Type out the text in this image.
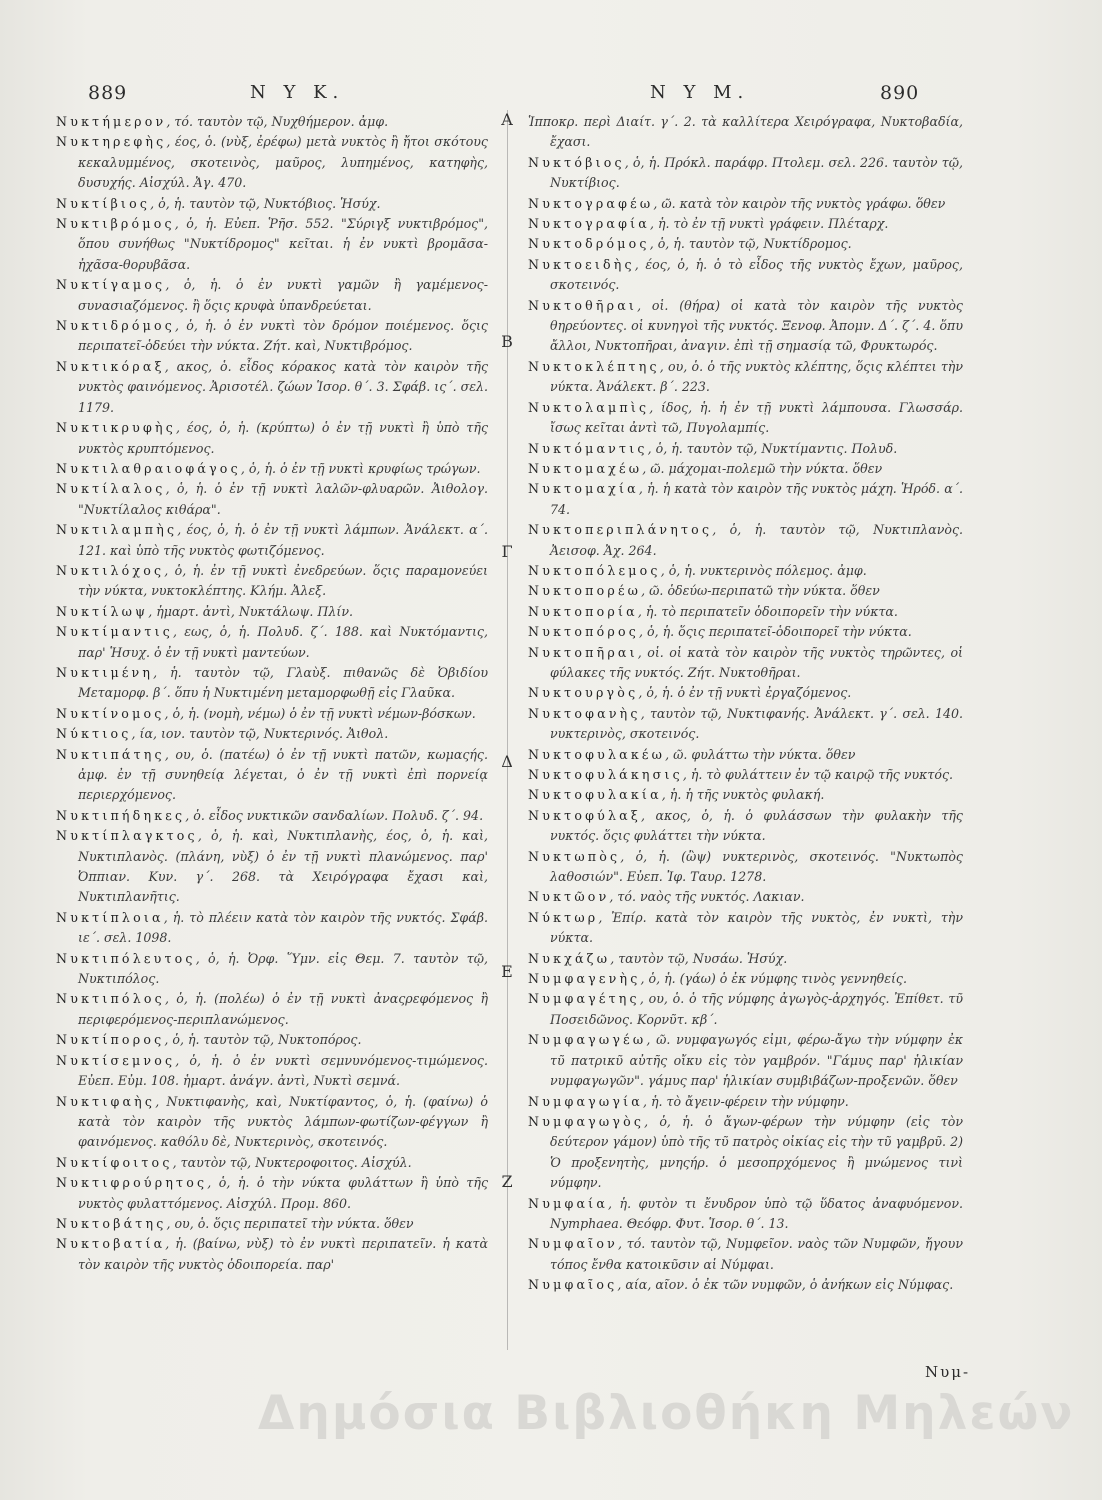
889	Ν Υ Κ.	Ν Υ Μ.	890
Α
Β
Γ
Δ
Ε
Ζ

Νυκτήμερον, τό. ταυτὸν τῷ, Νυχθήμερον. ἀμφ.

Νυκτηρεφὴς, έος, ὁ. (νὺξ, ἐρέφω) μετὰ νυκτὸς ἢ ἤτοι σκότους κεκαλυμμένος, σκοτεινὸς, μαῦρος, λυπημένος, κατηφὴς, δυσυχής. Αἰσχύλ. Ἀγ. 470.

Νυκτίβιος, ὁ, ἡ. ταυτὸν τῷ, Νυκτόβιος. Ἡσύχ.

Νυκτιβρόμος, ὁ, ἡ. Εὐεπ. Ῥῆσ. 552. "Σύριγξ νυκτιβρόμος", ὅπου συνήθως "Νυκτίδρομος" κεῖται. ἡ ἐν νυκτὶ βρομᾶσα-ἠχᾶσα-θορυβᾶσα.

Νυκτίγαμος, ὁ, ἡ. ὁ ἐν νυκτὶ γαμῶν ἢ γαμέμενος-συνασιαζόμενος. ἢ ὅςις κρυφὰ ὑπανδρεύεται.

Νυκτιδρόμος, ὁ, ἡ. ὁ ἐν νυκτὶ τὸν δρόμον ποιέμενος. ὅςις περιπατεῖ-ὁδεύει τὴν νύκτα. Ζήτ. καὶ, Νυκτιβρόμος.

Νυκτικόραξ, ακος, ὁ. εἶδος κόρακος κατὰ τὸν καιρὸν τῆς νυκτὸς φαινόμενος. Ἀρισοτέλ. ζώων Ἱσορ. θ΄. 3. Σφάβ. ις΄. σελ. 1179.

Νυκτικρυφὴς, έος, ὁ, ἡ. (κρύπτω) ὁ ἐν τῇ νυκτὶ ἢ ὑπὸ τῆς νυκτὸς κρυπτόμενος.

Νυκτιλαθραιοφάγος, ὁ, ἡ. ὁ ἐν τῇ νυκτὶ κρυφίως τρώγων.

Νυκτίλαλος, ὁ, ἡ. ὁ ἐν τῇ νυκτὶ λαλῶν-φλυαρῶν. Ἀιθολογ. "Νυκτίλαλος κιθάρα".

Νυκτιλαμπὴς, έος, ὁ, ἡ. ὁ ἐν τῇ νυκτὶ λάμπων. Ἀνάλεκτ. α΄. 121. καὶ ὑπὸ τῆς νυκτὸς φωτιζόμενος.

Νυκτιλόχος, ὁ, ἡ. ἐν τῇ νυκτὶ ἐνεδρεύων. ὅςις παραμονεύει τὴν νύκτα, νυκτοκλέπτης. Κλήμ. Ἀλεξ.

Νυκτίλωψ, ἡμαρτ. ἀντὶ, Νυκτάλωψ. Πλίν.

Νυκτίμαντις, εως, ὁ, ἡ. Πολυδ. ζ΄. 188. καὶ Νυκτόμαντις, παρ' Ἡσυχ. ὁ ἐν τῇ νυκτὶ μαντεύων.

Νυκτιμένη, ἡ. ταυτὸν τῷ, Γλαὺξ. πιθανῶς δὲ Ὀβιδίου Μεταμορφ. β΄. ὅπυ ἡ Νυκτιμένη μεταμορφωθῇ εἰς Γλαῦκα.

Νυκτίνομος, ὁ, ἡ. (νομὴ, νέμω) ὁ ἐν τῇ νυκτὶ νέμων-βόσκων.

Νύκτιος, ία, ιον. ταυτὸν τῷ, Νυκτερινός. Ἀιθολ.

Νυκτιπάτης, ου, ὁ. (πατέω) ὁ ἐν τῇ νυκτὶ πατῶν, κωμαςής. ἀμφ. ἐν τῇ συνηθείᾳ λέγεται, ὁ ἐν τῇ νυκτὶ ἐπὶ πορνείᾳ περιερχόμενος.

Νυκτιπήδηκες, ὁ. εἶδος νυκτικῶν σανδαλίων. Πολυδ. ζ΄. 94.

Νυκτίπλαγκτος, ὁ, ἡ. καὶ, Νυκτιπλανὴς, έος, ὁ, ἡ. καὶ, Νυκτιπλανὸς. (πλάνη, νὺξ) ὁ ἐν τῇ νυκτὶ πλανώμενος. παρ' Ὀππιαν. Κυν. γ΄. 268. τὰ Χειρόγραφα ἔχασι καὶ, Νυκτιπλανῆτις.

Νυκτίπλοια, ἡ. τὸ πλέειν κατὰ τὸν καιρὸν τῆς νυκτός. Σφάβ. ιε΄. σελ. 1098.

Νυκτιπόλευτος, ὁ, ἡ. Ὀρφ. Ὕμν. εἰς Θεμ. 7. ταυτὸν τῷ, Νυκτιπόλος.

Νυκτιπόλος, ὁ, ἡ. (πολέω) ὁ ἐν τῇ νυκτὶ ἀναςρεφόμενος ἢ περιφερόμενος-περιπλανώμενος.

Νυκτίπορος, ὁ, ἡ. ταυτὸν τῷ, Νυκτοπόρος.

Νυκτίσεμνος, ὁ, ἡ. ὁ ἐν νυκτὶ σεμνυνόμενος-τιμώμενος. Εὐεπ. Εὐμ. 108. ἡμαρτ. ἀνάγν. ἀντὶ, Νυκτὶ σεμνά.

Νυκτιφαὴς, Νυκτιφανὴς, καὶ, Νυκτίφαντος, ὁ, ἡ. (φαίνω) ὁ κατὰ τὸν καιρὸν τῆς νυκτὸς λάμπων-φωτίζων-φέγγων ἢ φαινόμενος. καθόλυ δὲ, Νυκτερινὸς, σκοτεινός.

Νυκτίφοιτος, ταυτὸν τῷ, Νυκτεροφοιτος. Αἰσχύλ.

Νυκτιφρούρητος, ὁ, ἡ. ὁ τὴν νύκτα φυλάττων ἢ ὑπὸ τῆς νυκτὸς φυλαττόμενος. Αἰσχύλ. Προμ. 860.

Νυκτοβάτης, ου, ὁ. ὅςις περιπατεῖ τὴν νύκτα. ὅθεν

Νυκτοβατία, ἡ. (βαίνω, νὺξ) τὸ ἐν νυκτὶ περιπατεῖν. ἡ κατὰ τὸν καιρὸν τῆς νυκτὸς ὁδοιπορεία. παρ'

Ἱπποκρ. περὶ Διαίτ. γ΄. 2. τὰ καλλίτερα Χειρόγραφα, Νυκτοβαδία, ἔχασι.

Νυκτόβιος, ὁ, ἡ. Πρόκλ. παράφρ. Πτολεμ. σελ. 226. ταυτὸν τῷ, Νυκτίβιος.

Νυκτογραφέω, ῶ. κατὰ τὸν καιρὸν τῆς νυκτὸς γράφω. ὅθεν

Νυκτογραφία, ἡ. τὸ ἐν τῇ νυκτὶ γράφειν. Πλέταρχ.

Νυκτοδρόμος, ὁ, ἡ. ταυτὸν τῷ, Νυκτίδρομος.

Νυκτοειδὴς, έος, ὁ, ἡ. ὁ τὸ εἶδος τῆς νυκτὸς ἔχων, μαῦρος, σκοτεινός.

Νυκτοθῆραι, οἱ. (θήρα) οἱ κατὰ τὸν καιρὸν τῆς νυκτὸς θηρεύοντες. οἱ κυνηγοὶ τῆς νυκτός. Ξενοφ. Ἀπομν. Δ΄. ζ΄. 4. ὅπυ ἄλλοι, Νυκτοπῆραι, ἀναγιν. ἐπὶ τῇ σημασίᾳ τῶ, Φρυκτωρός.

Νυκτοκλέπτης, ου, ὁ. ὁ τῆς νυκτὸς κλέπτης, ὅςις κλέπτει τὴν νύκτα. Ἀνάλεκτ. β΄. 223.

Νυκτολαμπὶς, ίδος, ἡ. ἡ ἐν τῇ νυκτὶ λάμπουσα. Γλωσσάρ. ἴσως κεῖται ἀντὶ τῶ, Πυγολαμπίς.

Νυκτόμαντις, ὁ, ἡ. ταυτὸν τῷ, Νυκτίμαντις. Πολυδ.

Νυκτομαχέω, ῶ. μάχομαι-πολεμῶ τὴν νύκτα. ὅθεν

Νυκτομαχία, ἡ. ἡ κατὰ τὸν καιρὸν τῆς νυκτὸς μάχη. Ἡρόδ. α΄. 74.

Νυκτοπεριπλάνητος, ὁ, ἡ. ταυτὸν τῷ, Νυκτιπλανὸς. Ἀεισοφ. Ἀχ. 264.

Νυκτοπόλεμος, ὁ, ἡ. νυκτερινὸς πόλεμος. ἀμφ.

Νυκτοπορέω, ῶ. ὁδεύω-περιπατῶ τὴν νύκτα. ὅθεν

Νυκτοπορία, ἡ. τὸ περιπατεῖν ὁδοιπορεῖν τὴν νύκτα.

Νυκτοπόρος, ὁ, ἡ. ὅςις περιπατεῖ-ὁδοιπορεῖ τὴν νύκτα.

Νυκτοπῆραι, οἱ. οἱ κατὰ τὸν καιρὸν τῆς νυκτὸς τηρῶντες, οἱ φύλακες τῆς νυκτός. Ζήτ. Νυκτοθῆραι.

Νυκτουργὸς, ὁ, ἡ. ὁ ἐν τῇ νυκτὶ ἐργαζόμενος.

Νυκτοφανὴς, ταυτὸν τῷ, Νυκτιφανής. Ἀνάλεκτ. γ΄. σελ. 140. νυκτερινὸς, σκοτεινός.

Νυκτοφυλακέω, ῶ. φυλάττω τὴν νύκτα. ὅθεν

Νυκτοφυλάκησις, ἡ. τὸ φυλάττειν ἐν τῷ καιρῷ τῆς νυκτός.

Νυκτοφυλακία, ἡ. ἡ τῆς νυκτὸς φυλακή.

Νυκτοφύλαξ, ακος, ὁ, ἡ. ὁ φυλάσσων τὴν φυλακὴν τῆς νυκτός. ὅςις φυλάττει τὴν νύκτα.

Νυκτωπὸς, ὁ, ἡ. (ὢψ) νυκτερινὸς, σκοτεινός. "Νυκτωπὸς λαθοσιών". Εὐεπ. Ἰφ. Ταυρ. 1278.

Νυκτῶον, τό. ναὸς τῆς νυκτός. Λακιαν.

Νύκτωρ, Ἐπίρ. κατὰ τὸν καιρὸν τῆς νυκτὸς, ἐν νυκτὶ, τὴν νύκτα.

Νυκχάζω, ταυτὸν τῷ, Νυσάω. Ἡσύχ.

Νυμφαγενὴς, ὁ, ἡ. (γάω) ὁ ἐκ νύμφης τινὸς γεννηθείς.

Νυμφαγέτης, ου, ὁ. ὁ τῆς νύμφης ἀγωγὸς-ἀρχηγός. Ἐπίθετ. τῦ Ποσειδῶνος. Κορνῦτ. κβ΄.

Νυμφαγωγέω, ῶ. νυμφαγωγός εἰμι, φέρω-ἄγω τὴν νύμφην ἐκ τῦ πατρικῦ αὐτῆς οἴκυ εἰς τὸν γαμβρόν. "Γάμυς παρ' ἡλικίαν νυμφαγωγῶν". γάμυς παρ' ἡλικίαν συμβιβάζων-προξενῶν. ὅθεν

Νυμφαγωγία, ἡ. τὸ ἄγειν-φέρειν τὴν νύμφην.

Νυμφαγωγὸς, ὁ, ἡ. ὁ ἄγων-φέρων τὴν νύμφην (εἰς τὸν δεύτερον γάμον) ὑπὸ τῆς τῦ πατρὸς οἰκίας εἰς τὴν τῦ γαμβρῦ. 2) Ὁ προξενητὴς, μνηςήρ. ὁ μεσοπρχόμενος ἢ μνώμενος τινὶ νύμφην.

Νυμφαία, ἡ. φυτὸν τι ἔνυδρον ὑπὸ τῷ ὕδατος ἀναφυόμενον. Nymphaea. Θεόφρ. Φυτ. Ἱσορ. θ΄. 13.

Νυμφαῖον, τό. ταυτὸν τῷ, Νυμφεῖον. ναὸς τῶν Νυμφῶν, ἤγουν τόπος ἔνθα κατοικῦσιν αἱ Νύμφαι.

Νυμφαῖος, αία, αῖον. ὁ ἐκ τῶν νυμφῶν, ὁ ἀνήκων εἰς Νύμφας.

Νυμ-
Δημόσια Βιβλιοθήκη Μηλεών
